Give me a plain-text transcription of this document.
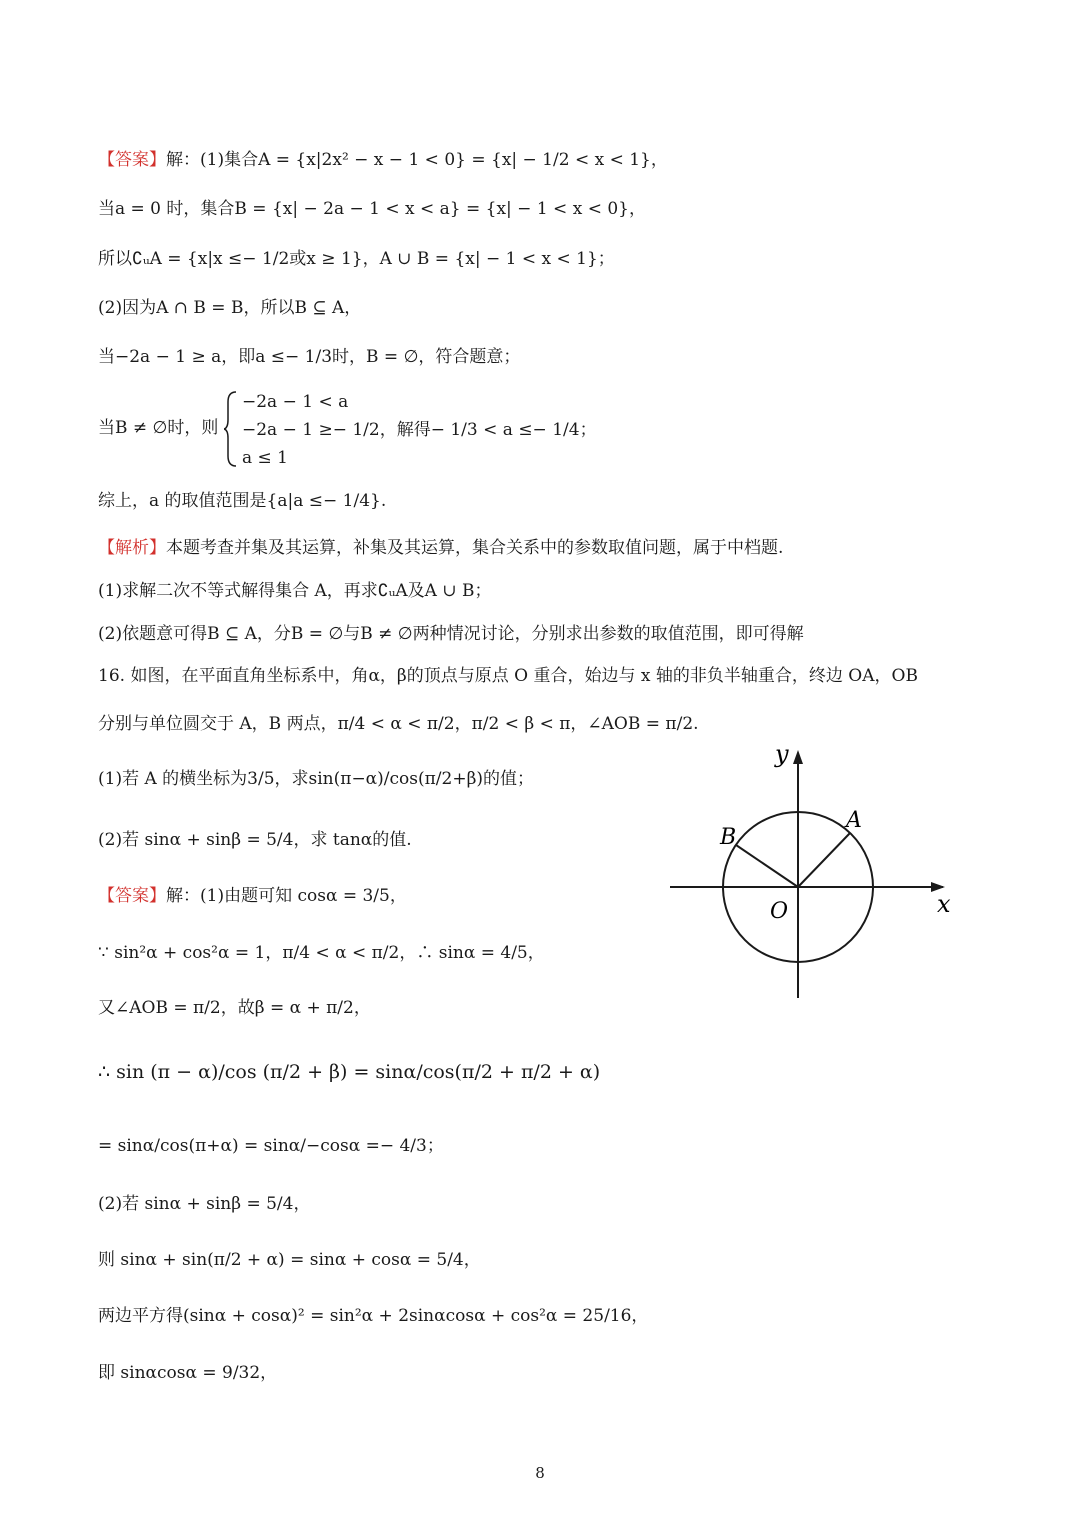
【答案】解：(1)集合A = {x|2x² − x − 1 < 0} = {x| − 1/2 < x < 1}，
当a = 0 时，集合B = {x| − 2a − 1 < x < a} = {x| − 1 < x < 0}，
所以∁ᵤA = {x|x ≤− 1/2或x ≥ 1}，A ∪ B = {x| − 1 < x < 1}；
(2)因为A ∩ B = B，所以B ⊆ A，
当−2a − 1 ≥ a，即a ≤− 1/3时，B = ∅，符合题意；
当B ≠ ∅时，则
−2a − 1 < a
−2a − 1 ≥− 1/2，解得− 1/3 < a ≤− 1/4；
a ≤ 1
综上，a 的取值范围是{a|a ≤− 1/4}.
【解析】本题考查并集及其运算，补集及其运算，集合关系中的参数取值问题，属于中档题.
(1)求解二次不等式解得集合 A，再求∁ᵤA及A ∪ B；
(2)依题意可得B ⊆ A，分B = ∅与B ≠ ∅两种情况讨论，分别求出参数的取值范围，即可得解
16. 如图，在平面直角坐标系中，角α，β的顶点与原点 O 重合，始边与 x 轴的非负半轴重合，终边 OA，OB
分别与单位圆交于 A，B 两点，π/4 < α < π/2，π/2 < β < π，∠AOB = π/2.
(1)若 A 的横坐标为3/5，求sin(π−α)/cos(π/2+β)的值；
(2)若 sinα + sinβ = 5/4，求 tanα的值.
【答案】解：(1)由题可知 cosα = 3/5，
∵ sin²α + cos²α = 1，π/4 < α < π/2，∴ sinα = 4/5，
又∠AOB = π/2，故β = α + π/2，
∴ sin (π − α)/cos (π/2 + β) = sinα/cos(π/2 + π/2 + α)
= sinα/cos(π+α) = sinα/−cosα =− 4/3；
(2)若 sinα + sinβ = 5/4，
则 sinα + sin(π/2 + α) = sinα + cosα = 5/4，
两边平方得(sinα + cosα)² = sin²α + 2sinαcosα + cos²α = 25/16，
即 sinαcosα = 9/32，
y
x
O
A
B
8
